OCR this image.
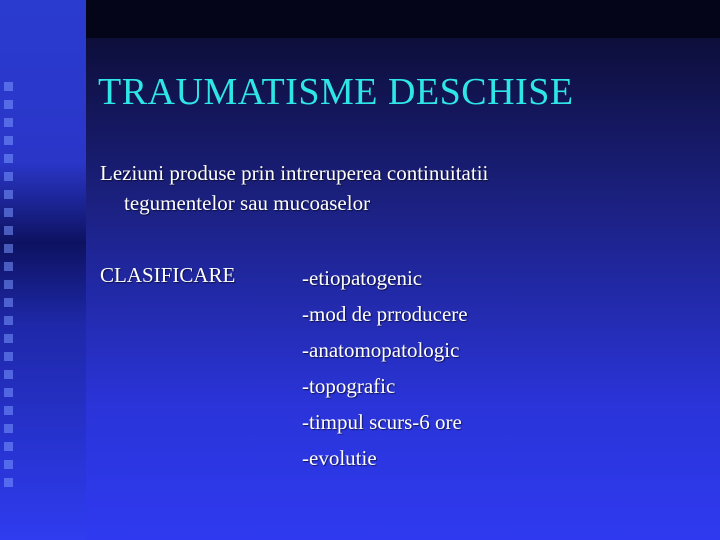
TRAUMATISME DESCHISE
Leziuni produse prin intreruperea continuitatii
tegumentelor sau mucoaselor
CLASIFICARE	-etiopatogenic
-mod de prroducere
-anatomopatologic
-topografic
-timpul scurs-6 ore
-evolutie
